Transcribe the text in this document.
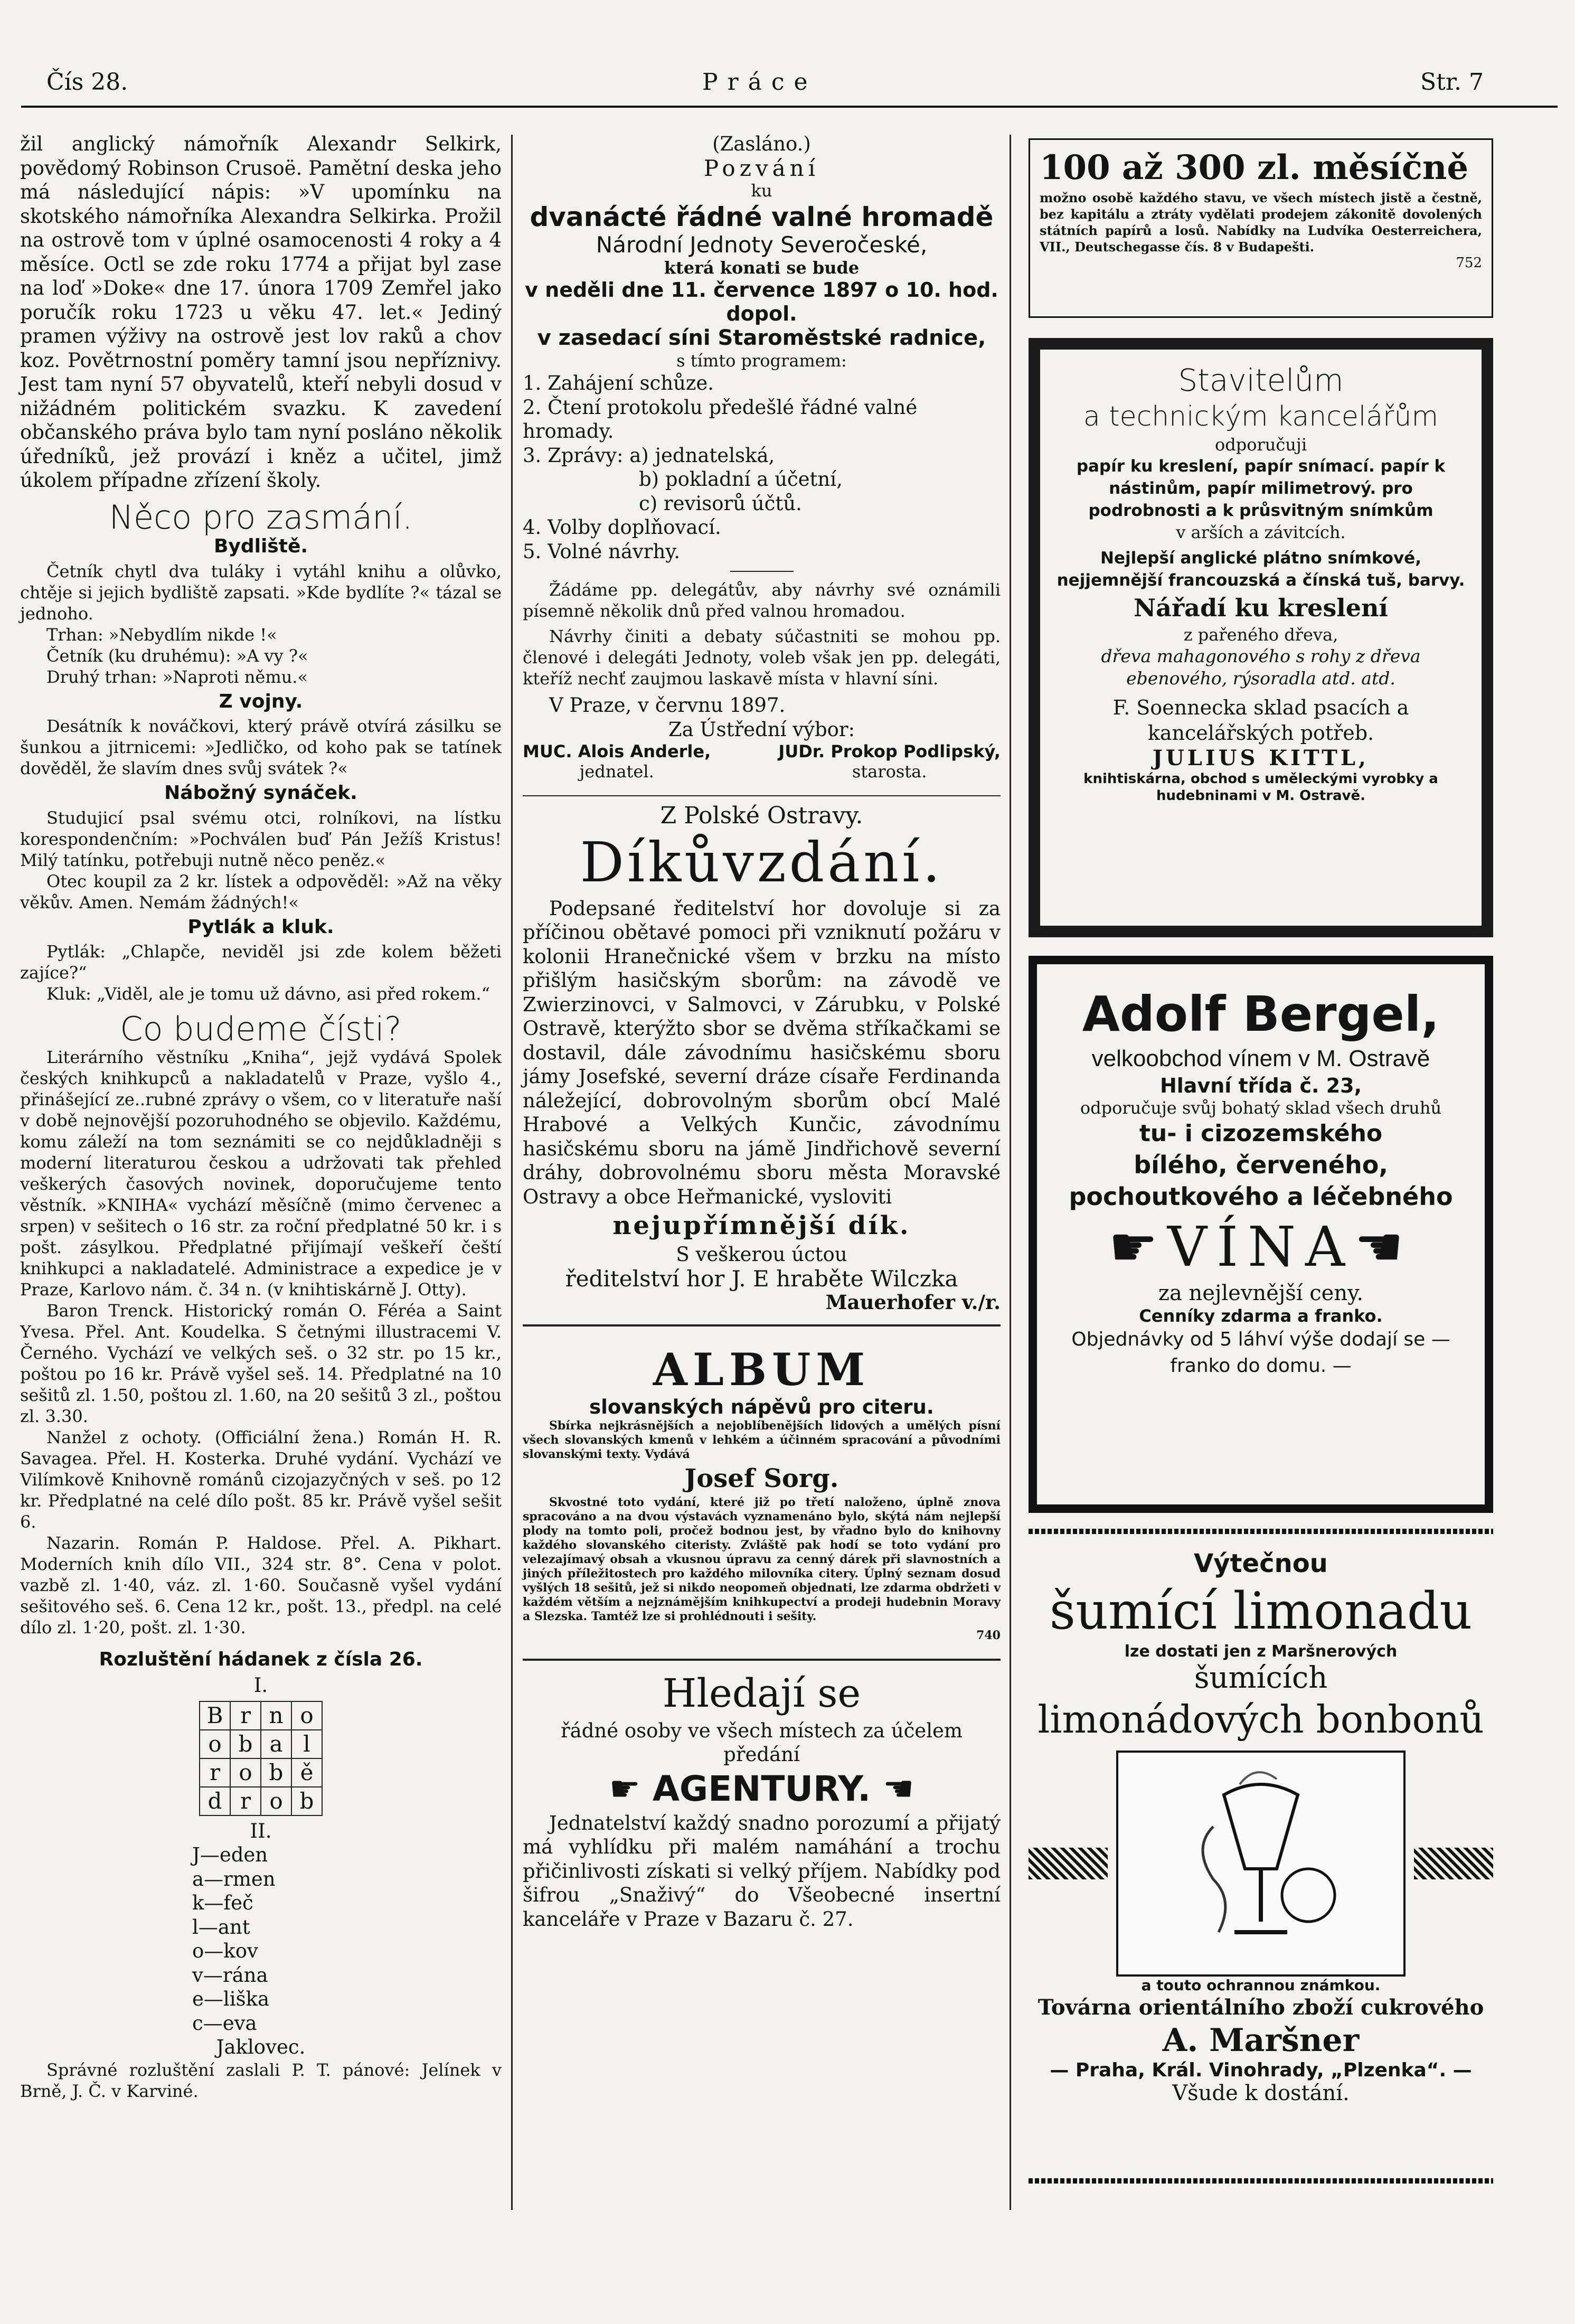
Čís 28.	Práce	Str. 7

žil anglický námořník Alexandr Selkirk, povědomý Robinson Crusoë. Pamětní deska jeho má následující nápis: »V upomínku na skotského námořníka Alexandra Selkirka. Prožil na ostrově tom v úplné osamocenosti 4 roky a 4 měsíce. Octl se zde roku 1774 a přijat byl zase na loď »Doke« dne 17. února 1709 Zemřel jako poručík roku 1723 u věku 47. let.« Jediný pramen výživy na ostrově jest lov raků a chov koz. Povětrnostní poměry tamní jsou nepříznivy. Jest tam nyní 57 obyvatelů, kteří nebyli dosud v nižádném politickém svazku. K zavedení občanského práva bylo tam nyní posláno několik úředníků, jež provází i kněz a učitel, jimž úkolem případne zřízení školy.

Něco pro zasmání.
Bydliště.

Četník chytl dva tuláky i vytáhl knihu a olůvko, chtěje si jejich bydliště zapsati. »Kde bydlíte ?« tázal se jednoho.

Trhan: »Nebydlím nikde !«

Četník (ku druhému): »A vy ?«

Druhý trhan: »Naproti němu.«

Z vojny.

Desátník k nováčkovi, který právě otvírá zásilku se šunkou a jitrnicemi: »Jedličko, od koho pak se tatínek dověděl, že slavím dnes svůj svátek ?«

Nábožný synáček.

Studujicí psal svému otci, rolníkovi, na lístku korespondenčním: »Pochválen buď Pán Ježíš Kristus! Milý tatínku, potřebuji nutně něco peněz.«

Otec koupil za 2 kr. lístek a odpověděl: »Až na věky věkův. Amen. Nemám žádných!«

Pytlák a kluk.

Pytlák: „Chlapče, neviděl jsi zde kolem běžeti zajíce?“

Kluk: „Viděl, ale je tomu už dávno, asi před rokem.“

Co budeme čísti?

Literárního věstníku „Kniha“, jejž vydává Spolek českých knihkupců a nakladatelů v Praze, vyšlo 4., přinášející ze..rubné zprávy o všem, co v literatuře naší v době nejnovější pozoruhodného se objevilo. Každému, komu záleží na tom seznámiti se co nejdůkladněji s moderní literaturou českou a udržovati tak přehled veškerých časových novinek, doporučujeme tento věstník. »KNIHA« vychází měsíčně (mimo červenec a srpen) v sešitech o 16 str. za roční předplatné 50 kr. i s pošt. zásylkou. Předplatné přijímají veškeří čeští knihkupci a nakladatelé. Administrace a expedice je v Praze, Karlovo nám. č. 34 n. (v knihtiskárně J. Otty).

Baron Trenck. Historický román O. Féréa a Saint Yvesa. Přel. Ant. Koudelka. S četnými illustracemi V. Černého. Vychází ve velkých seš. o 32 str. po 15 kr., poštou po 16 kr. Právě vyšel seš. 14. Předplatné na 10 sešitů zl. 1.50, poštou zl. 1.60, na 20 sešitů 3 zl., poštou zl. 3.30.

Nanžel z ochoty. (Officiální žena.) Román H. R. Savagea. Přel. H. Kosterka. Druhé vydání. Vychází ve Vilímkově Knihovně románů cizojazyčných v seš. po 12 kr. Předplatné na celé dílo pošt. 85 kr. Právě vyšel sešit 6.

Nazarin. Román P. Haldose. Přel. A. Pikhart. Moderních knih dílo VII., 324 str. 8°. Cena v polot. vazbě zl. 1·40, váz. zl. 1·60. Současně vyšel vydání sešitového seš. 6. Cena 12 kr., pošt. 13., předpl. na celé dílo zl. 1·20, pošt. zl. 1·30.

Rozluštění hádanek z čísla 26.
I.
B	r	n	o
o	b	a	l
r	o	b	ě
d	r	o	b
II.
J—eden
a—rmen
k—feč
l—ant
o—kov
v—rána
e—liška
c—eva
Jaklovec.

Správné rozluštění zaslali P. T. pánové: Jelínek v Brně, J. Č. v Karviné.

(Zasláno.)
Pozvání
ku
dvanácté řádné valné hromadě
Národní Jednoty Severočeské,
která konati se bude
v neděli dne 11. července 1897 o 10. hod. dopol.
v zasedací síni Staroměstské radnice,
s tímto programem:
1. Zahájení schůze.
2. Čtení protokolu předešlé řádné valné hromady.
3. Zprávy: a) jednatelská,
b) pokladní a účetní,
c) revisorů účtů.
4. Volby doplňovací.
5. Volné návrhy.

Žádáme pp. delegátův, aby návrhy své oznámili písemně několik dnů před valnou hromadou.

Návrhy činiti a debaty súčastniti se mohou pp. členové i delegáti Jednoty, voleb však jen pp. delegáti, kteříž nechť zaujmou laskavě místa v hlavní síni.

V Praze, v červnu 1897.
Za Ústřední výbor:
MUC. Alois Anderle,
jednatel.
JUDr. Prokop Podlipský,
starosta.
Z Polské Ostravy.
Díkůvzdání.

Podepsané ředitelství hor dovoluje si za příčinou obětavé pomoci při vzniknutí požáru v kolonii Hranečnické všem v brzku na místo přišlým hasičským sborům: na závodě ve Zwierzinovci, v Salmovci, v Zárubku, v Polské Ostravě, kterýžto sbor se dvěma stříkačkami se dostavil, dále závodnímu hasičskému sboru jámy Josefské, severní dráze císaře Ferdinanda náležející, dobrovolným sborům obcí Malé Hrabové a Velkých Kunčic, závodnímu hasičskému sboru na jámě Jindřichově severní dráhy, dobrovolnému sboru města Moravské Ostravy a obce Heřmanické, vysloviti

nejupřímnější dík.
S veškerou úctou
ředitelství hor J. E hraběte Wilczka
Mauerhofer v./r.
ALBUM
slovanských nápěvů pro citeru.

Sbírka nejkrásnějších a nejoblíbenějších lidových a umělých písní všech slovanských kmenů v lehkém a účinném spracování a původními slovanskými texty. Vydává

Josef Sorg.

Skvostné toto vydání, které již po třetí naloženo, úplně znova spracováno a na dvou výstavách vyznamenáno bylo, skýtá nám nejlepší plody na tomto poli, pročež bodnou jest, by vřadno bylo do knihovny každého slovanského citeristy. Zvláště pak hodí se toto vydání pro velezajímavý obsah a vkusnou úpravu za cenný dárek při slavnostních a jiných příležitostech pro každého milovníka citery. Úplný seznam dosud vyšlých 18 sešitů, jež si nikdo neopomeň objednati, lze zdarma obdržeti v každém větším a nejznámějším knihkupectví a prodeji hudebnin Moravy a Slezska. Tamtéž lze si prohlédnouti i sešity.

740
Hledají se
řádné osoby ve všech místech za účelem předání
☛ AGENTURY. ☚

Jednatelství každý snadno porozumí a přijatý má vyhlídku při malém namáhání a trochu přičinlivosti získati si velký příjem. Nabídky pod šifrou „Snaživý“ do Všeobecné insertní kanceláře v Praze v Bazaru č. 27.

100 až 300 zl. měsíčně

možno osobě každého stavu, ve všech místech jistě a čestně, bez kapitálu a ztráty vydělati prodejem zákonitě dovolených státních papírů a losů. Nabídky na Ludvíka Oesterreichera, VII., Deutschegasse čís. 8 v Budapešti.

752
Stavitelům
a technickým kancelářům
odporučuji

papír ku kreslení, papír snímací. papír k nástinům, papír milimetrový. pro podrobnosti a k průsvitným snímkům

v arších a závitcích.

Nejlepší anglické plátno snímkové, nejjemnější francouzská a čínská tuš, barvy.

Nářadí ku kreslení
z pařeného dřeva,

dřeva mahagonového s rohy z dřeva ebenového, rýsoradla atd. atd.

F. Soennecka sklad psacích a kancelářských potřeb.

JULIUS KITTL,

knihtiskárna, obchod s uměleckými vyrobky a hudebninami v M. Ostravě.

Adolf Bergel,
velkoobchod vínem v M. Ostravě
Hlavní třída č. 23,
odporučuje svůj bohatý sklad všech druhů
tu- i cizozemského

bílého, červeného, pochoutkového a léčebného

☛VÍNA☚
za nejlevnější ceny.
Cenníky zdarma a franko.

Objednávky od 5 láhví výše dodají se — franko do domu. —

Výtečnou
šumící limonadu
lze dostati jen z Maršnerových
šumících
limonádových bonbonů
a touto ochrannou známkou.
Továrna orientálního zboží cukrového
A. Maršner
— Praha, Král. Vinohrady, „Plzenka“. —
Všude k dostání.
